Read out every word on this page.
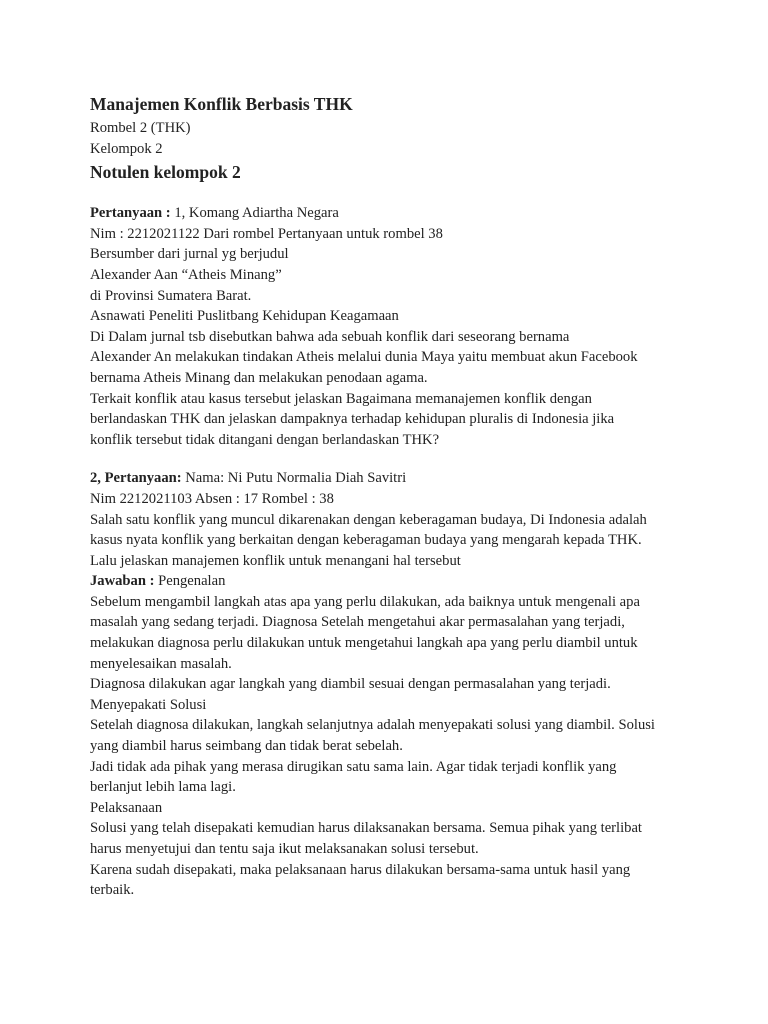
Manajemen Konflik Berbasis THK

Rombel 2 (THK)

Kelompok 2

Notulen kelompok 2

Pertanyaan : 1, Komang Adiartha Negara

Nim : 2212021122 Dari rombel Pertanyaan untuk rombel 38

Bersumber dari jurnal yg berjudul

Alexander Aan “Atheis Minang”

di Provinsi Sumatera Barat.

Asnawati Peneliti Puslitbang Kehidupan Keagamaan

Di Dalam jurnal tsb disebutkan bahwa ada sebuah konflik dari seseorang bernama

Alexander An melakukan tindakan Atheis melalui dunia Maya yaitu membuat akun Facebook

bernama Atheis Minang dan melakukan penodaan agama.

Terkait konflik atau kasus tersebut jelaskan Bagaimana memanajemen konflik dengan

berlandaskan THK dan jelaskan dampaknya terhadap kehidupan pluralis di Indonesia jika

konflik tersebut tidak ditangani dengan berlandaskan THK?

2, Pertanyaan: Nama: Ni Putu Normalia Diah Savitri

Nim 2212021103 Absen : 17 Rombel : 38

Salah satu konflik yang muncul dikarenakan dengan keberagaman budaya, Di Indonesia adalah

kasus nyata konflik yang berkaitan dengan keberagaman budaya yang mengarah kepada THK.

Lalu jelaskan manajemen konflik untuk menangani hal tersebut

Jawaban : Pengenalan

Sebelum mengambil langkah atas apa yang perlu dilakukan, ada baiknya untuk mengenali apa

masalah yang sedang terjadi. Diagnosa Setelah mengetahui akar permasalahan yang terjadi,

melakukan diagnosa perlu dilakukan untuk mengetahui langkah apa yang perlu diambil untuk

menyelesaikan masalah.

Diagnosa dilakukan agar langkah yang diambil sesuai dengan permasalahan yang terjadi.

Menyepakati Solusi

Setelah diagnosa dilakukan, langkah selanjutnya adalah menyepakati solusi yang diambil. Solusi

yang diambil harus seimbang dan tidak berat sebelah.

Jadi tidak ada pihak yang merasa dirugikan satu sama lain. Agar tidak terjadi konflik yang

berlanjut lebih lama lagi.

Pelaksanaan

Solusi yang telah disepakati kemudian harus dilaksanakan bersama. Semua pihak yang terlibat

harus menyetujui dan tentu saja ikut melaksanakan solusi tersebut.

Karena sudah disepakati, maka pelaksanaan harus dilakukan bersama-sama untuk hasil yang

terbaik.
